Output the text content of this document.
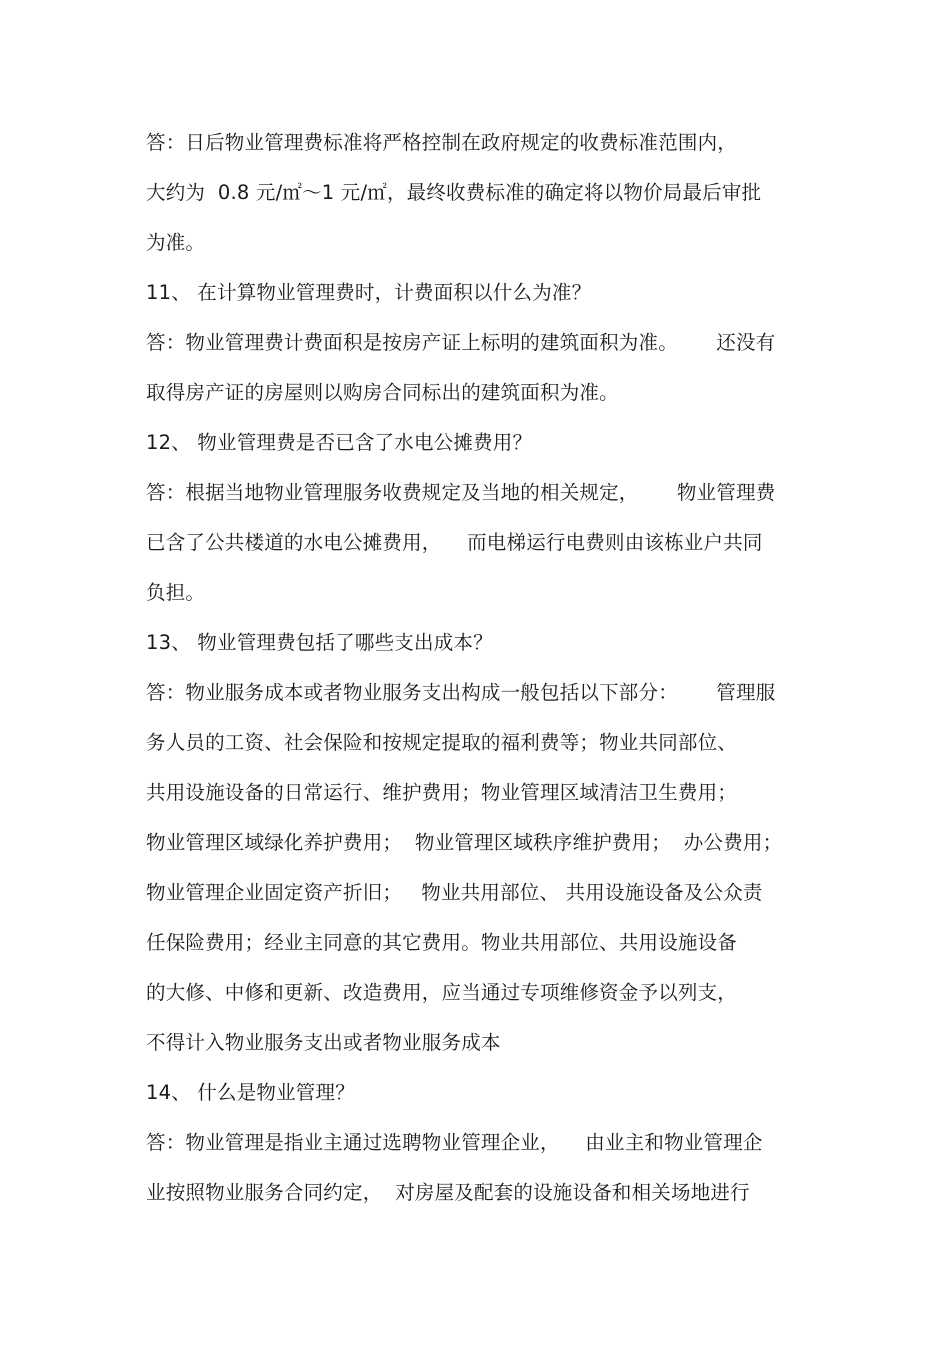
答：日后物业管理费标准将严格控制在政府规定的收费标准范围内，
大约为  0.8 元/㎡～1 元/㎡，最终收费标准的确定将以物价局最后审批
为准。
11、 在计算物业管理费时，计费面积以什么为准？
答：物业管理费计费面积是按房产证上标明的建筑面积为准。      还没有
取得房产证的房屋则以购房合同标出的建筑面积为准。
12、 物业管理费是否已含了水电公摊费用？
答：根据当地物业管理服务收费规定及当地的相关规定，      物业管理费
已含了公共楼道的水电公摊费用，    而电梯运行电费则由该栋业户共同
负担。
13、 物业管理费包括了哪些支出成本？
答：物业服务成本或者物业服务支出构成一般包括以下部分：      管理服
务人员的工资、社会保险和按规定提取的福利费等；物业共同部位、
共用设施设备的日常运行、维护费用；物业管理区域清洁卫生费用；
物业管理区域绿化养护费用；  物业管理区域秩序维护费用；  办公费用；
物业管理企业固定资产折旧；   物业共用部位、 共用设施设备及公众责
任保险费用；经业主同意的其它费用。物业共用部位、共用设施设备
的大修、中修和更新、改造费用，应当通过专项维修资金予以列支，
不得计入物业服务支出或者物业服务成本
14、 什么是物业管理？
答：物业管理是指业主通过选聘物业管理企业，    由业主和物业管理企
业按照物业服务合同约定，  对房屋及配套的设施设备和相关场地进行
